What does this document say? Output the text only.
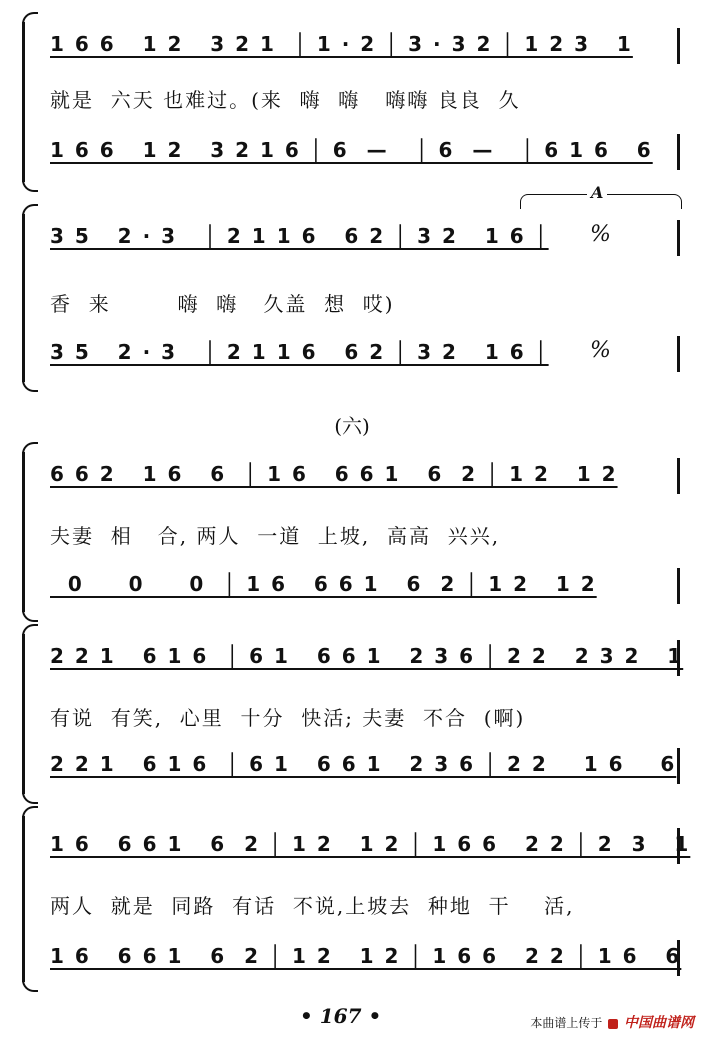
1 6 6   1 2   3 2 1  │ 1 · 2 │ 3 · 3 2 │ 1 2 3   1
就是  六天 也难过。(来  嗨  嗨   嗨嗨 良良  久
1 6 6   1 2   3 2 1 6 │ 6  —   │ 6  —   │ 6 1 6   6
A
3 5   2 · 3   │ 2 1 1 6   6 2 │ 3 2   1 6 │ %
香  来        嗨  嗨   久盖  想  哎)
3 5   2 · 3   │ 2 1 1 6   6 2 │ 3 2   1 6 │ %
(六)
6 6 2   1 6   6  │ 1 6   6 6 1   6  2 │ 1 2   1 2
夫妻  相   合, 两人  一道  上坡,  高高  兴兴,
0     0     0  │ 1 6   6 6 1   6  2 │ 1 2   1 2
2 2 1   6 1 6  │ 6 1   6 6 1   2 3 6 │ 2 2   2 3 2   1
有说  有笑,  心里  十分  快活; 夫妻  不合  (啊)
2 2 1   6 1 6  │ 6 1   6 6 1   2 3 6 │ 2 2    1 6    6
1 6   6 6 1   6  2 │ 1 2   1 2 │ 1 6 6   2 2 │ 2  3   1
两人  就是  同路  有话  不说,上坡去  种地  干    活,
1 6   6 6 1   6  2 │ 1 2   1 2 │ 1 6 6   2 2 │ 1 6   6
• 167 •	本曲谱上传于 中国曲谱网
